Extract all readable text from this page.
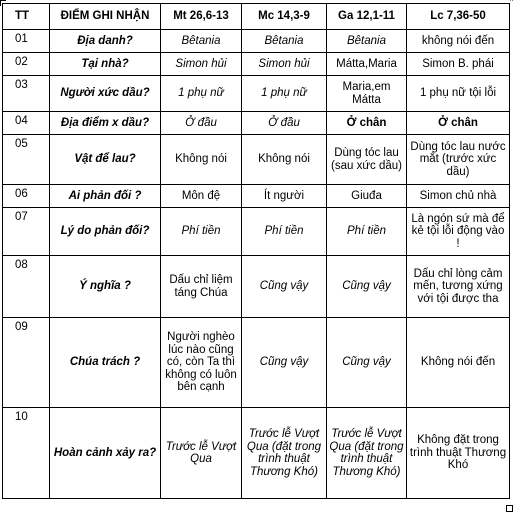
TT	ĐIỂM GHI NHẬN	Mt 26,6-13	Mc 14,3-9	Ga 12,1-11	Lc 7,36-50
01	Địa danh?	Bêtania	Bêtania	Bêtania	không nói đến
02	Tại nhà?	Simon hủi	Simon hủi	Mátta,Maria	Simon B. phái
03	Người xức dầu?	1 phụ nữ	1 phụ nữ	Maria,em Mátta	1 phụ nữ tội lỗi
04	Địa điểm x dầu?	Ở đầu	Ở đầu	Ở chân	Ở chân
05	Vật để lau?	Không nói	Không nói	Dùng tóc lau (sau xức dầu)	Dùng tóc lau nước mắt (trước xức dầu)
06	Ai phản đối ?	Môn đệ	Ít người	Giuđa	Simon chủ nhà
07	Lý do phản đối?	Phí tiền	Phí tiền	Phí tiền	Là ngón sứ mà để kẻ tội lỗi động vào !
08	Ý nghĩa ?	Dấu chỉ liệm táng Chúa	Cũng vậy	Cũng vậy	Dấu chỉ lòng cảm mến, tương xứng với tội được tha
09	Chúa trách ?	Người nghèo lúc nào cũng có, còn Ta thì không có luôn bên cạnh	Cũng vậy	Cũng vậy	Không nói đến
10	Hoàn cảnh xảy ra?	Trước lễ Vượt Qua	Trước lễ Vượt Qua (đặt trong trình thuật Thương Khó)	Trước lễ Vượt Qua (đặt trong trình thuật Thương Khó)	Không đặt trong trình thuật Thương Khó
